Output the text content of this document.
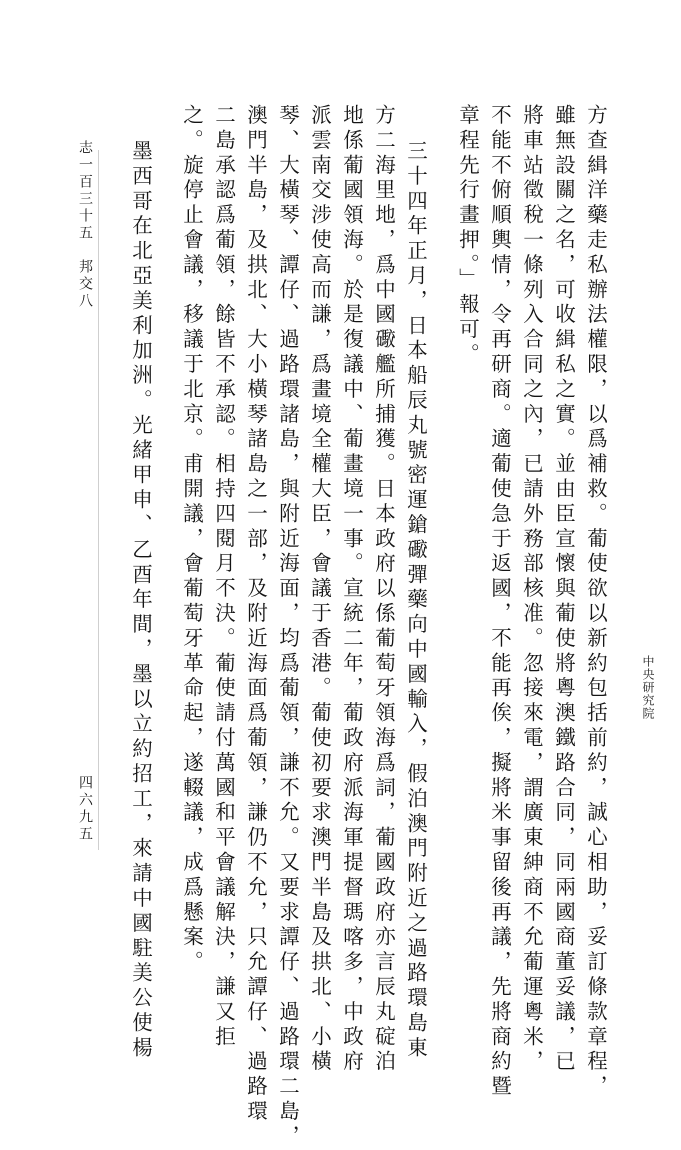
中央研究院
方查緝洋藥走私辦法權限，以爲補救。葡使欲以新約包括前約，誠心相助，妥訂條款章程，
雖無設關之名，可收緝私之實。並由臣宣懷與葡使將粵澳鐵路合同，同兩國商董妥議，已
將車站徵稅一條列入合同之內，已請外務部核准。忽接來電，謂廣東紳商不允葡運粵米，
不能不俯順輿情，令再研商。適葡使急于返國，不能再俟，擬將米事留後再議，先將商約暨
章程先行畫押。」報可。
三十四年正月，日本船辰丸號密運鎗礮彈藥向中國輸入，假泊澳門附近之過路環島東
方二海里地，爲中國礮艦所捕獲。日本政府以係葡萄牙領海爲詞，葡國政府亦言辰丸碇泊
地係葡國領海。於是復議中、葡畫境一事。宣統二年，葡政府派海軍提督瑪喀多，中政府
派雲南交涉使高而謙，爲畫境全權大臣，會議于香港。葡使初要求澳門半島及拱北、小橫
琴、大橫琴、譚仔、過路環諸島，與附近海面，均爲葡領，謙不允。又要求譚仔、過路環二島，
澳門半島，及拱北、大小橫琴諸島之一部，及附近海面爲葡領，謙仍不允，只允譚仔、過路環
二島承認爲葡領，餘皆不承認。相持四閱月不決。葡使請付萬國和平會議解決，謙又拒
之。旋停止會議，移議于北京。甫開議，會葡萄牙革命起，遂輟議，成爲懸案。
墨西哥在北亞美利加洲。光緒甲申、乙酉年間，墨以立約招工，來請中國駐美公使楊
志一百三十五　邦交八
四六九五
